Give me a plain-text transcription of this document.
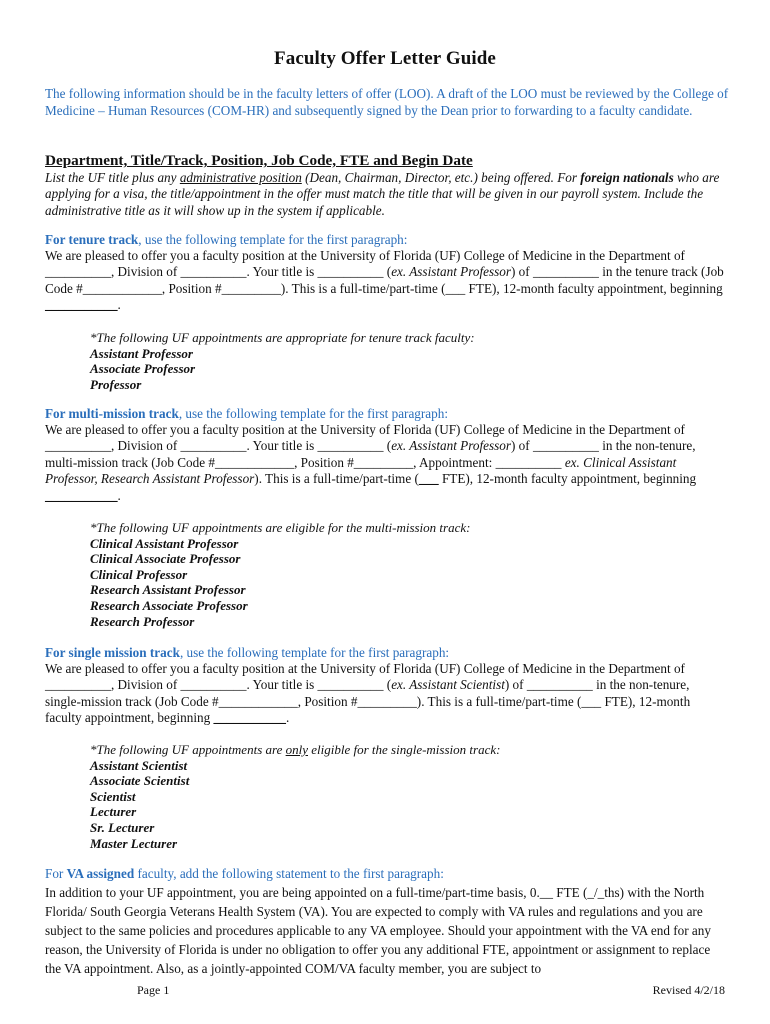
Faculty Offer Letter Guide
The following information should be in the faculty letters of offer (LOO). A draft of the LOO must be reviewed by the College of Medicine – Human Resources (COM-HR) and subsequently signed by the Dean prior to forwarding to a faculty candidate.
Department, Title/Track, Position, Job Code, FTE and Begin Date
List the UF title plus any administrative position (Dean, Chairman, Director, etc.) being offered. For foreign nationals who are applying for a visa, the title/appointment in the offer must match the title that will be given in our payroll system. Include the administrative title as it will show up in the system if applicable.
For tenure track, use the following template for the first paragraph:
We are pleased to offer you a faculty position at the University of Florida (UF) College of Medicine in the Department of __________, Division of __________. Your title is __________ (ex. Assistant Professor) of __________ in the tenure track (Job Code #____________, Position #_________). This is a full-time/part-time (___ FTE), 12-month faculty appointment, beginning ___________.
*The following UF appointments are appropriate for tenure track faculty:
Assistant Professor
Associate Professor
Professor
For multi-mission track, use the following template for the first paragraph:
We are pleased to offer you a faculty position at the University of Florida (UF) College of Medicine in the Department of __________, Division of __________. Your title is __________ (ex. Assistant Professor) of __________ in the non-tenure, multi-mission track (Job Code #____________, Position #_________, Appointment: __________ ex. Clinical Assistant Professor, Research Assistant Professor). This is a full-time/part-time (___ FTE), 12-month faculty appointment, beginning ___________.
*The following UF appointments are eligible for the multi-mission track:
Clinical Assistant Professor
Clinical Associate Professor
Clinical Professor
Research Assistant Professor
Research Associate Professor
Research Professor
For single mission track, use the following template for the first paragraph:
We are pleased to offer you a faculty position at the University of Florida (UF) College of Medicine in the Department of __________, Division of __________. Your title is __________ (ex. Assistant Scientist) of __________ in the non-tenure, single-mission track (Job Code #____________, Position #_________). This is a full-time/part-time (___ FTE), 12-month faculty appointment, beginning ___________.
*The following UF appointments are only eligible for the single-mission track:
Assistant Scientist
Associate Scientist
Scientist
Lecturer
Sr. Lecturer
Master Lecturer
For VA assigned faculty, add the following statement to the first paragraph:
In addition to your UF appointment, you are being appointed on a full-time/part-time basis, 0.__ FTE (_/_ths) with the North Florida/ South Georgia Veterans Health System (VA). You are expected to comply with VA rules and regulations and you are subject to the same policies and procedures applicable to any VA employee. Should your appointment with the VA end for any reason, the University of Florida is under no obligation to offer you any additional FTE, appointment or assignment to replace the VA appointment. Also, as a jointly-appointed COM/VA faculty member, you are subject to
Page 1	Revised 4/2/18
